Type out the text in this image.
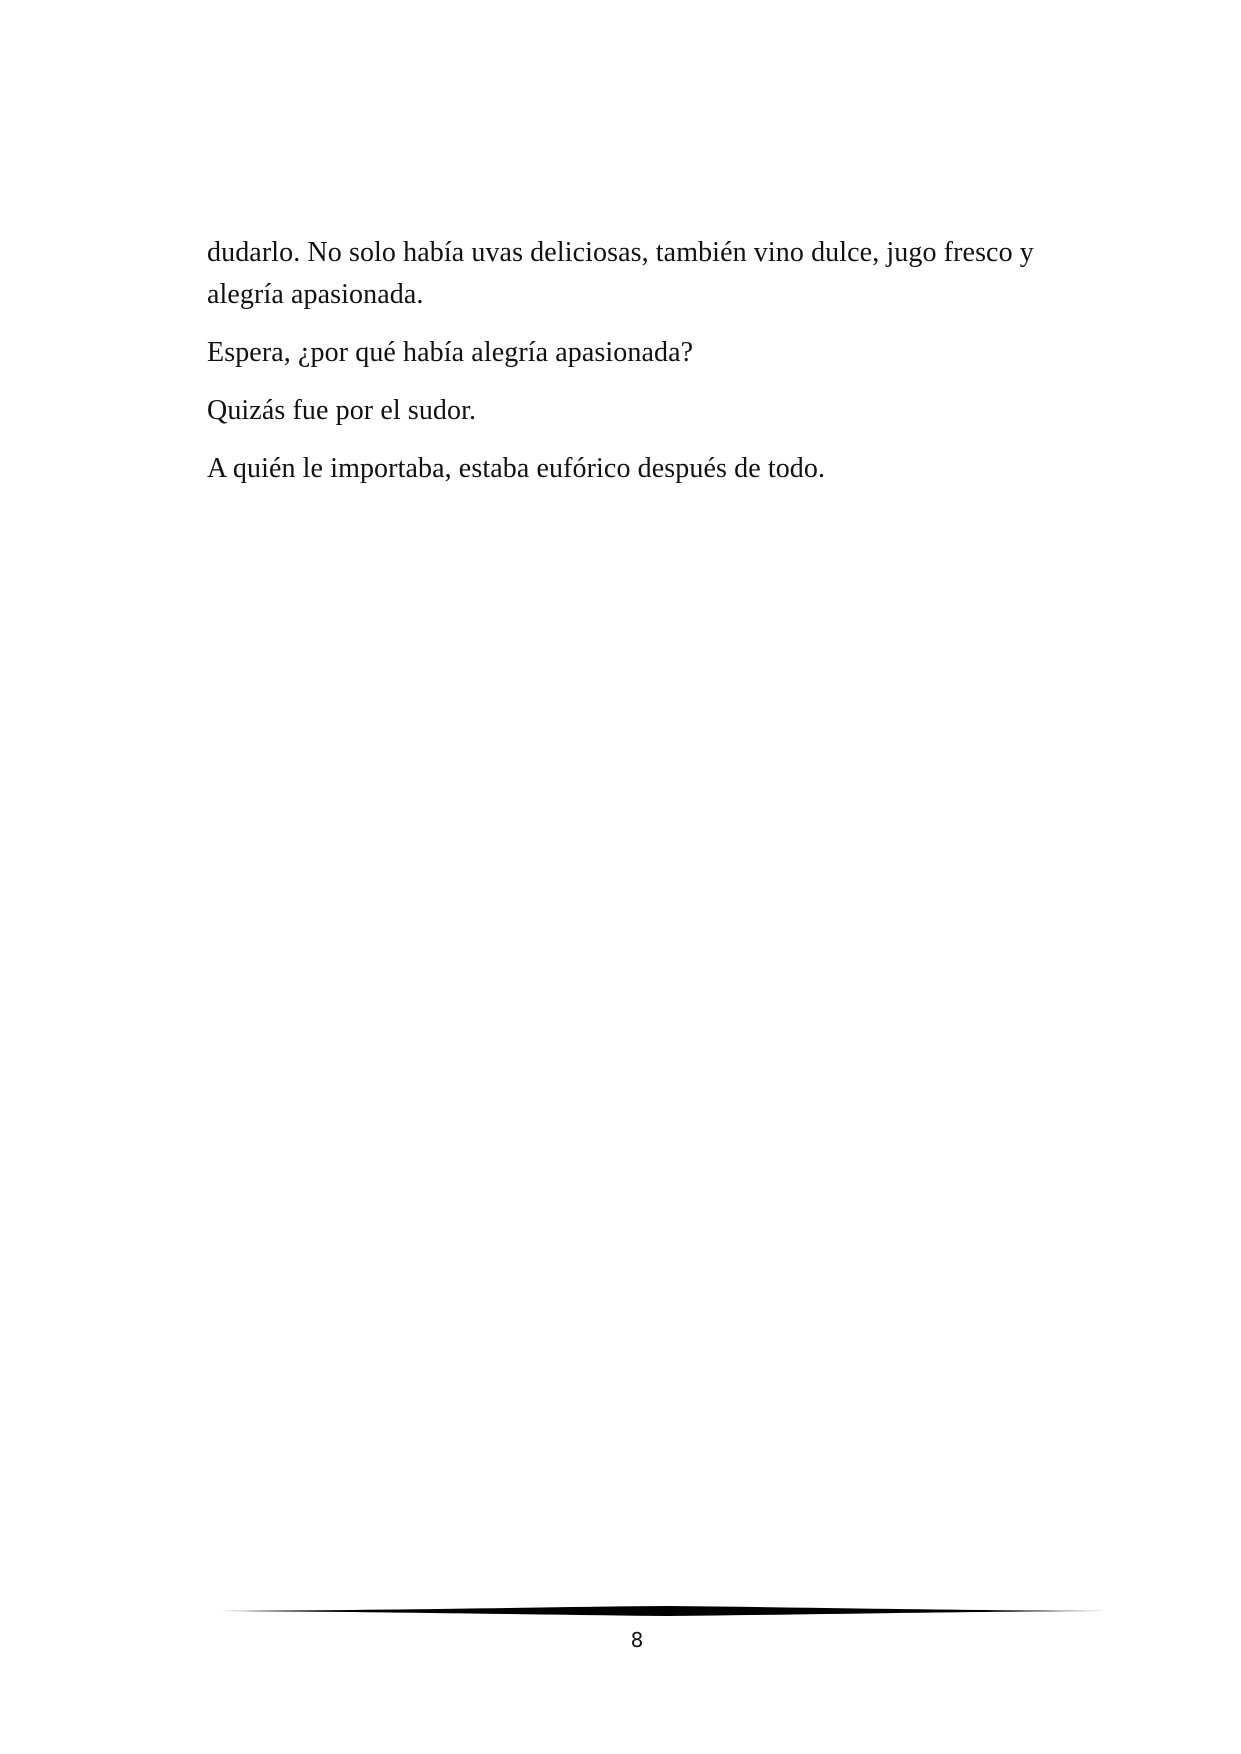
dudarlo. No solo había uvas deliciosas, también vino dulce, jugo fresco y alegría apasionada.

Espera, ¿por qué había alegría apasionada?

Quizás fue por el sudor.

A quién le importaba, estaba eufórico después de todo.

8
